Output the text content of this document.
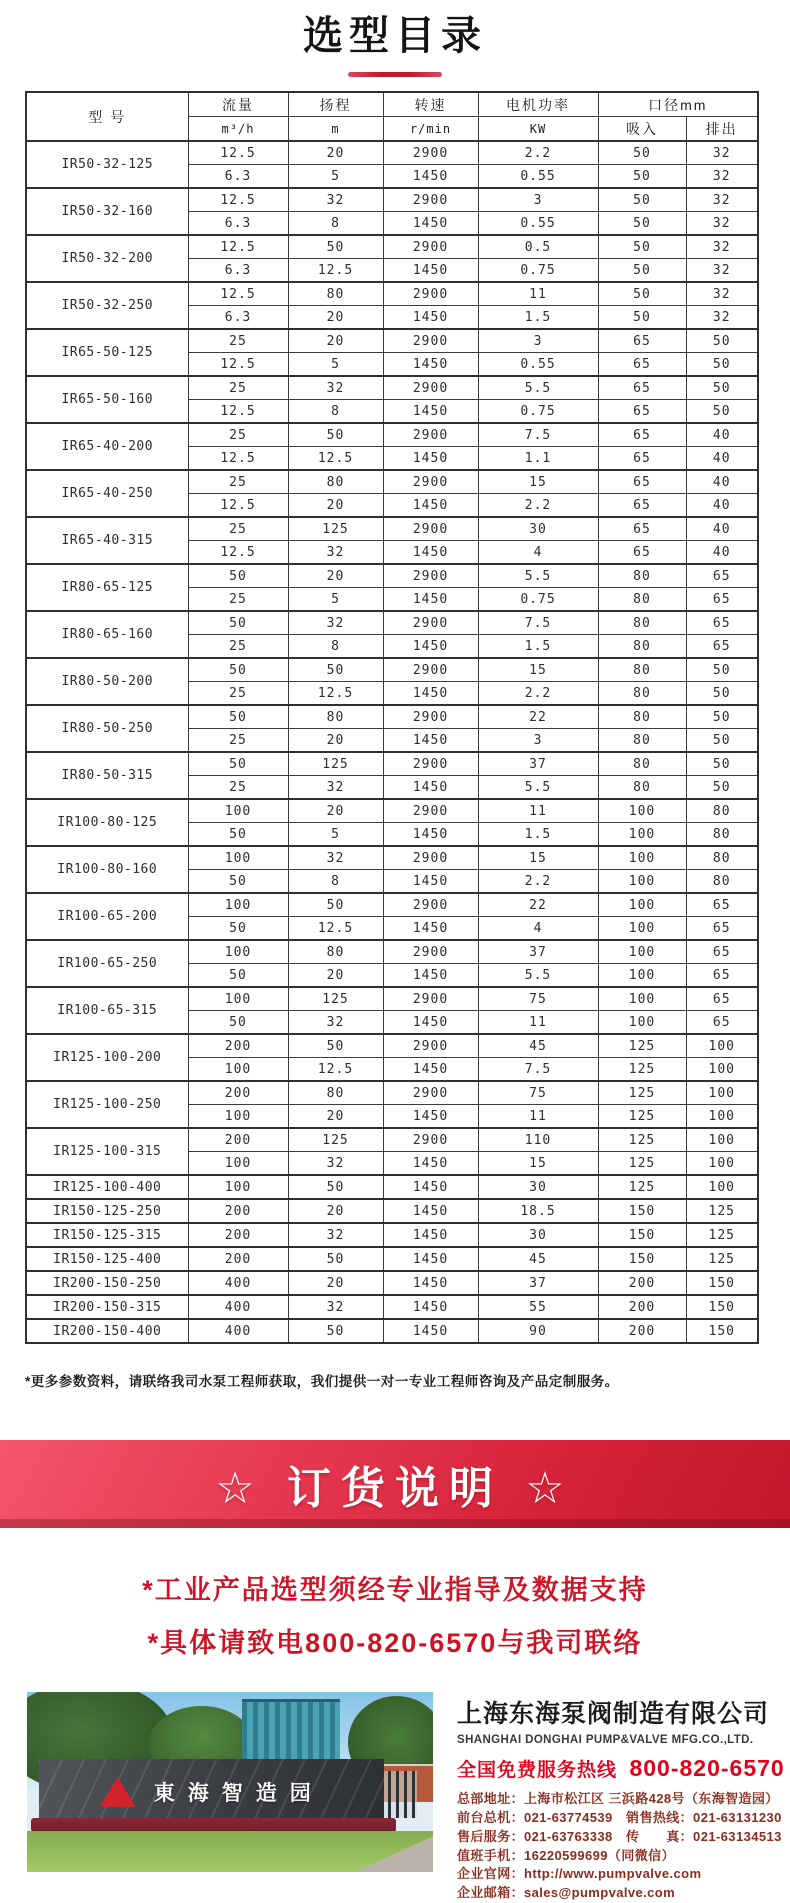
选型目录
型 号	流量	扬程	转速	电机功率	口径mm	
	m³/h	m	r/min	KW	吸入	排出
IR50-32-125	12.5	20	2900	2.2	50	32
	6.3	5	1450	0.55	50	32
IR50-32-160	12.5	32	2900	3	50	32
	6.3	8	1450	0.55	50	32
IR50-32-200	12.5	50	2900	0.5	50	32
	6.3	12.5	1450	0.75	50	32
IR50-32-250	12.5	80	2900	11	50	32
	6.3	20	1450	1.5	50	32
IR65-50-125	25	20	2900	3	65	50
	12.5	5	1450	0.55	65	50
IR65-50-160	25	32	2900	5.5	65	50
	12.5	8	1450	0.75	65	50
IR65-40-200	25	50	2900	7.5	65	40
	12.5	12.5	1450	1.1	65	40
IR65-40-250	25	80	2900	15	65	40
	12.5	20	1450	2.2	65	40
IR65-40-315	25	125	2900	30	65	40
	12.5	32	1450	4	65	40
IR80-65-125	50	20	2900	5.5	80	65
	25	5	1450	0.75	80	65
IR80-65-160	50	32	2900	7.5	80	65
	25	8	1450	1.5	80	65
IR80-50-200	50	50	2900	15	80	50
	25	12.5	1450	2.2	80	50
IR80-50-250	50	80	2900	22	80	50
	25	20	1450	3	80	50
IR80-50-315	50	125	2900	37	80	50
	25	32	1450	5.5	80	50
IR100-80-125	100	20	2900	11	100	80
	50	5	1450	1.5	100	80
IR100-80-160	100	32	2900	15	100	80
	50	8	1450	2.2	100	80
IR100-65-200	100	50	2900	22	100	65
	50	12.5	1450	4	100	65
IR100-65-250	100	80	2900	37	100	65
	50	20	1450	5.5	100	65
IR100-65-315	100	125	2900	75	100	65
	50	32	1450	11	100	65
IR125-100-200	200	50	2900	45	125	100
	100	12.5	1450	7.5	125	100
IR125-100-250	200	80	2900	75	125	100
	100	20	1450	11	125	100
IR125-100-315	200	125	2900	110	125	100
	100	32	1450	15	125	100
IR125-100-400	100	50	1450	30	125	100
IR150-125-250	200	20	1450	18.5	150	125
IR150-125-315	200	32	1450	30	150	125
IR150-125-400	200	50	1450	45	150	125
IR200-150-250	400	20	1450	37	200	150
IR200-150-315	400	32	1450	55	200	150
IR200-150-400	400	50	1450	90	200	150
*更多参数资料，请联络我司水泵工程师获取，我们提供一对一专业工程师咨询及产品定制服务。
☆ 订货说明 ☆
*工业产品选型须经专业指导及数据支持
*具体请致电800-820-6570与我司联络
東海智造园
上海东海泵阀制造有限公司
SHANGHAI DONGHAI PUMP&VALVE MFG.CO.,LTD.
全国免费服务热线 800-820-6570
总部地址：上海市松江区 三浜路428号（东海智造园）
前台总机：021-63774539　销售热线：021-63131230
售后服务：021-63763338　传　　真：021-63134513
值班手机：16220599699（同微信）
企业官网：http://www.pumpvalve.com
企业邮箱：sales@pumpvalve.com
